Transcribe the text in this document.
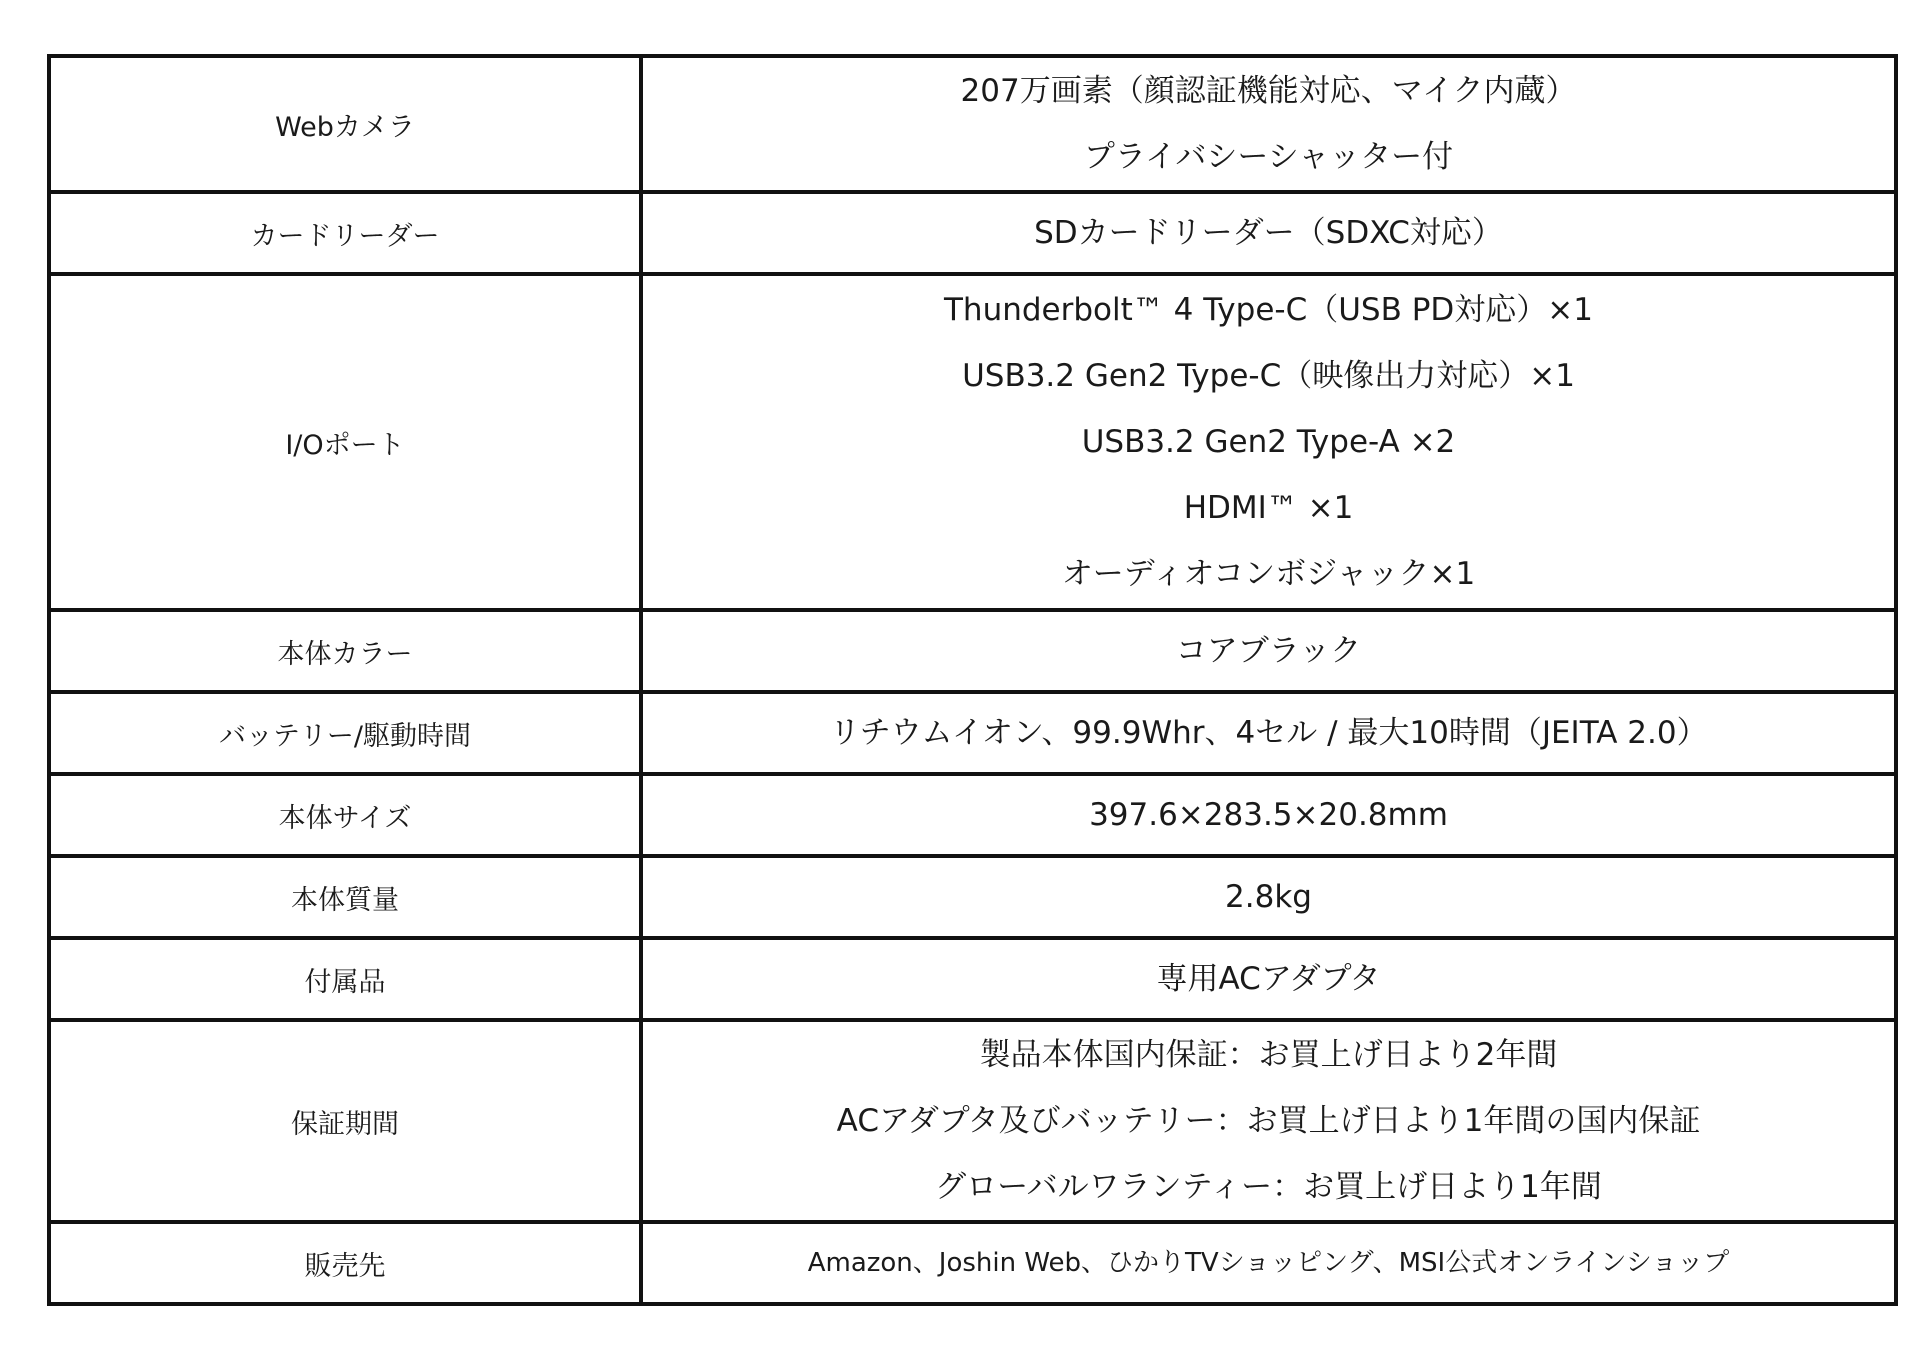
Webカメラ	207万画素（顔認証機能対応、マイク内蔵）
プライバシーシャッター付

カードリーダー	SDカードリーダー（SDXC対応）

I/Oポート	Thunderbolt™ 4 Type-C（USB PD対応）×1
USB3.2 Gen2 Type-C（映像出力対応）×1
USB3.2 Gen2 Type-A ×2
HDMI™ ×1
オーディオコンボジャック×1

本体カラー	コアブラック

バッテリー/駆動時間	リチウムイオン、99.9Whr、4セル / 最大10時間（JEITA 2.0）

本体サイズ	397.6×283.5×20.8mm

本体質量	2.8kg

付属品	専用ACアダプタ

保証期間	製品本体国内保証：お買上げ日より2年間
ACアダプタ及びバッテリー：お買上げ日より1年間の国内保証
グローバルワランティー：お買上げ日より1年間

販売先	Amazon、Joshin Web、ひかりTVショッピング、MSI公式オンラインショップ
